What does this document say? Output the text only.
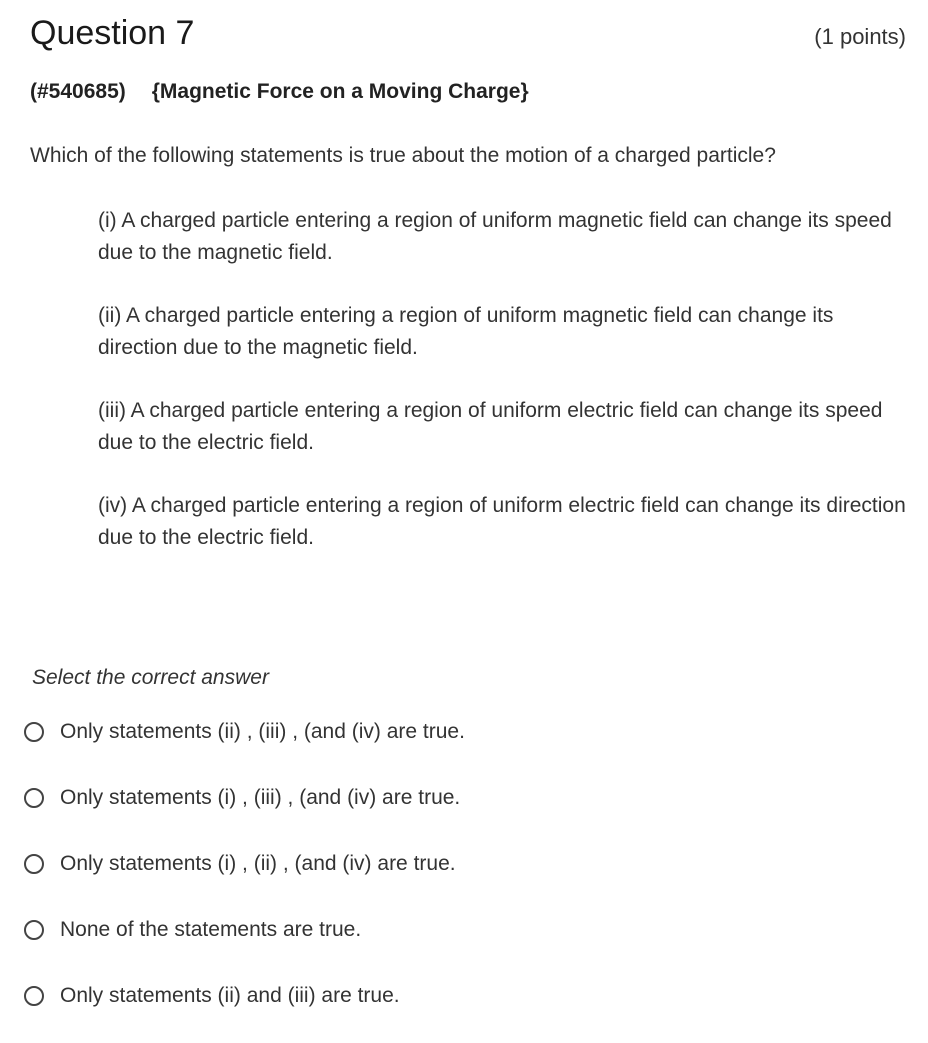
Question 7	(1 points)
(#540685) {Magnetic Force on a Moving Charge}
Which of the following statements is true about the motion of a charged particle?

(i) A charged particle entering a region of uniform magnetic field can change its speed due to the magnetic field.

(ii) A charged particle entering a region of uniform magnetic field can change its direction due to the magnetic field.

(iii) A charged particle entering a region of uniform electric field can change its speed due to the electric field.

(iv) A charged particle entering a region of uniform electric field can change its direction due to the electric field.

Select the correct answer
Only statements (ii) , (iii) , (and (iv) are true.
Only statements (i) , (iii) , (and (iv) are true.
Only statements (i) , (ii) , (and (iv) are true.
None of the statements are true.
Only statements (ii) and (iii) are true.
